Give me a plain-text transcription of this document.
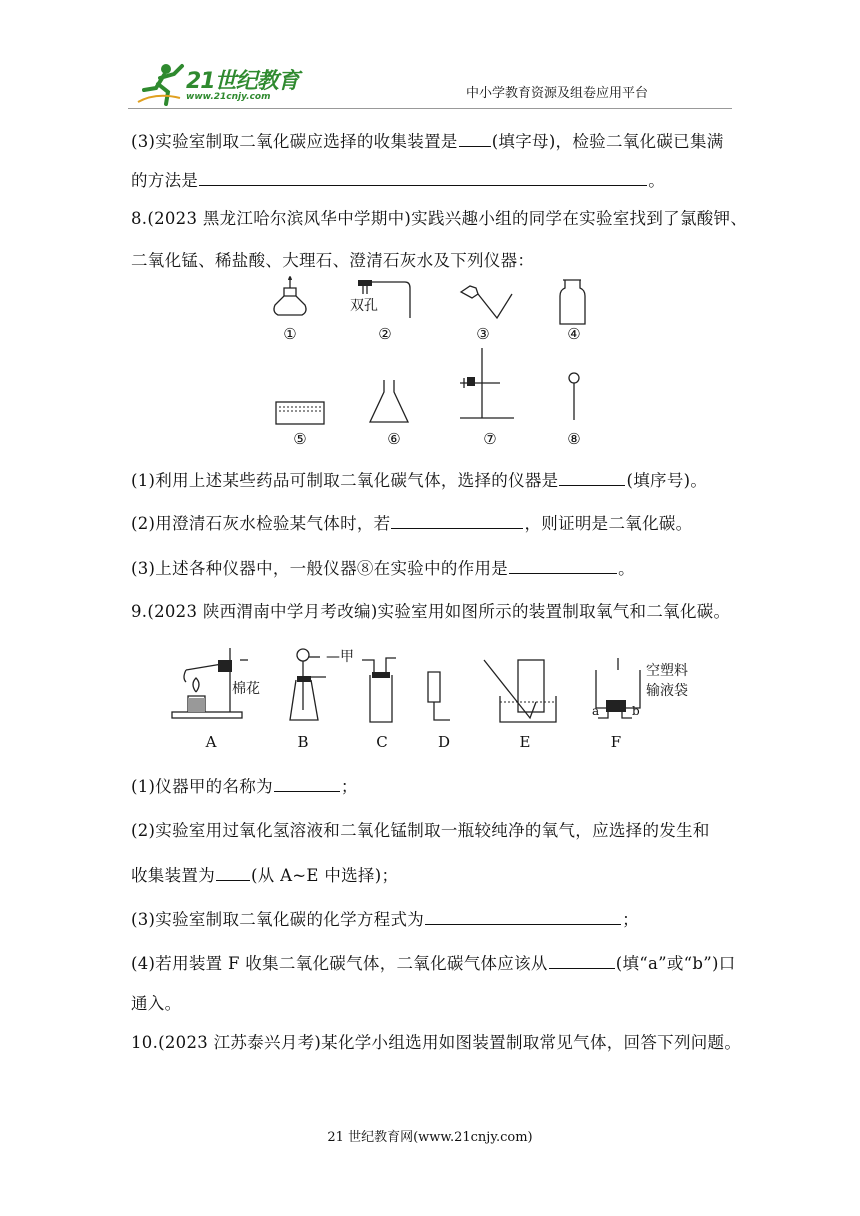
21世纪教育
www.21cnjy.com	中小学教育资源及组卷应用平台
(3)实验室制取二氧化碳应选择的收集装置是 (填字母)，检验二氧化碳已集满
的方法是	。
8.(2023 黑龙江哈尔滨风华中学期中)实践兴趣小组的同学在实验室找到了氯酸钾、
二氧化锰、稀盐酸、大理石、澄清石灰水及下列仪器：
双孔
①	②	③	④
⑤	⑥	⑦	⑧
(1)利用上述某些药品可制取二氧化碳气体，选择的仪器是	(填序号)。
(2)用澄清石灰水检验某气体时，若	，则证明是二氧化碳。
(3)上述各种仪器中，一般仪器⑧在实验中的作用是	。
9.(2023 陕西渭南中学月考改编)实验室用如图所示的装置制取氧气和二氧化碳。
—甲
棉花
空塑料
输液袋
a	b
A	B	C	D	E	F
(1)仪器甲的名称为	；
(2)实验室用过氧化氢溶液和二氧化锰制取一瓶较纯净的氧气，应选择的发生和
收集装置为 (从 A~E 中选择)；
(3)实验室制取二氧化碳的化学方程式为	；
(4)若用装置 F 收集二氧化碳气体，二氧化碳气体应该从	(填“a”或“b”)口
通入。
10.(2023 江苏泰兴月考)某化学小组选用如图装置制取常见气体，回答下列问题。
21 世纪教育网(www.21cnjy.com)
